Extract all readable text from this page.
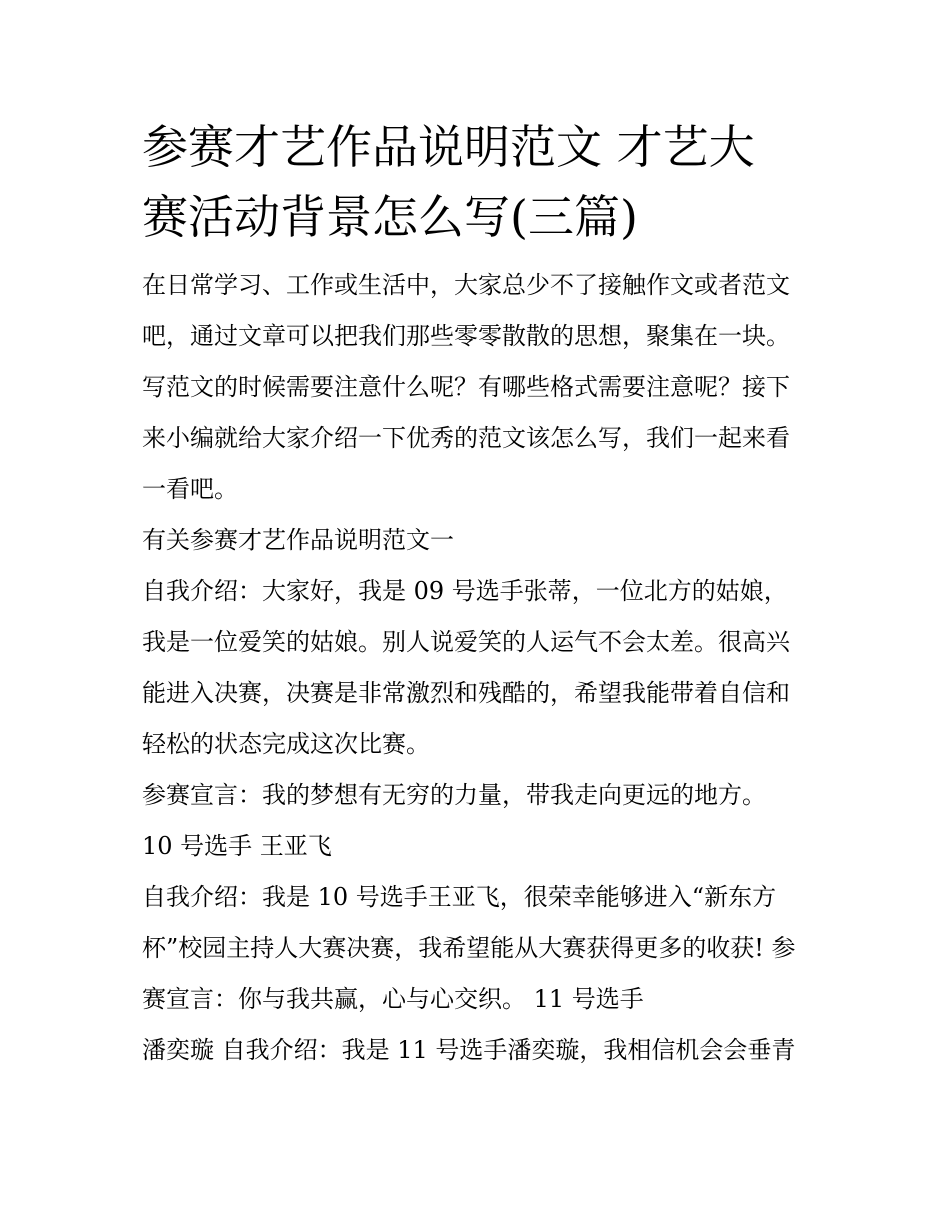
参赛才艺作品说明范文 才艺大
赛活动背景怎么写(三篇)

在日常学习、工作或生活中，大家总少不了接触作文或者范文

吧，通过文章可以把我们那些零零散散的思想，聚集在一块。

写范文的时候需要注意什么呢？有哪些格式需要注意呢？接下

来小编就给大家介绍一下优秀的范文该怎么写，我们一起来看

一看吧。

有关参赛才艺作品说明范文一

自我介绍：大家好，我是 09 号选手张蒂，一位北方的姑娘，

我是一位爱笑的姑娘。别人说爱笑的人运气不会太差。很高兴

能进入决赛，决赛是非常激烈和残酷的，希望我能带着自信和

轻松的状态完成这次比赛。

参赛宣言：我的梦想有无穷的力量，带我走向更远的地方。

10 号选手 王亚飞

自我介绍：我是 10 号选手王亚飞，很荣幸能够进入“新东方

杯”校园主持人大赛决赛，我希望能从大赛获得更多的收获! 参

赛宣言：你与我共赢，心与心交织。 11 号选手

潘奕璇 自我介绍：我是 11 号选手潘奕璇，我相信机会会垂青
